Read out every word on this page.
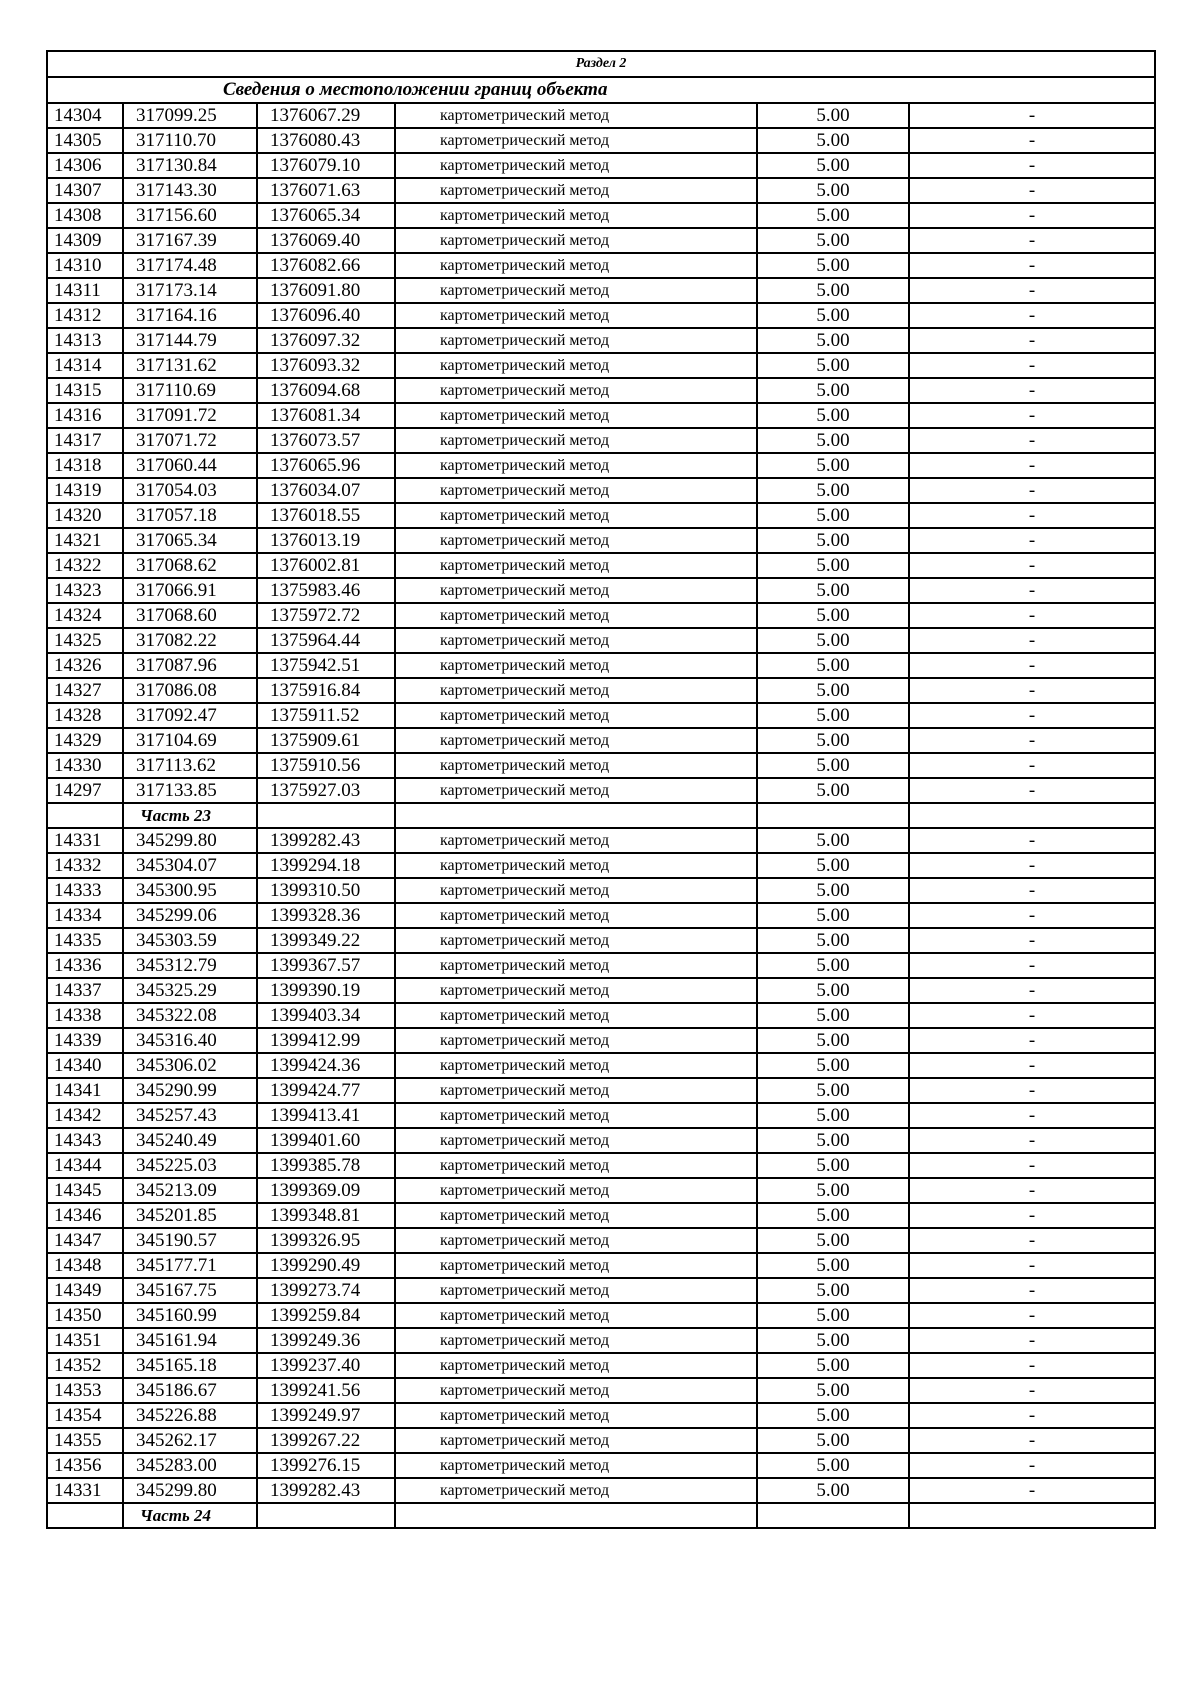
Раздел 2					
Сведения о местоположении границ объекта					
14304	317099.25	1376067.29	картометрический метод	5.00	-
14305	317110.70	1376080.43	картометрический метод	5.00	-
14306	317130.84	1376079.10	картометрический метод	5.00	-
14307	317143.30	1376071.63	картометрический метод	5.00	-
14308	317156.60	1376065.34	картометрический метод	5.00	-
14309	317167.39	1376069.40	картометрический метод	5.00	-
14310	317174.48	1376082.66	картометрический метод	5.00	-
14311	317173.14	1376091.80	картометрический метод	5.00	-
14312	317164.16	1376096.40	картометрический метод	5.00	-
14313	317144.79	1376097.32	картометрический метод	5.00	-
14314	317131.62	1376093.32	картометрический метод	5.00	-
14315	317110.69	1376094.68	картометрический метод	5.00	-
14316	317091.72	1376081.34	картометрический метод	5.00	-
14317	317071.72	1376073.57	картометрический метод	5.00	-
14318	317060.44	1376065.96	картометрический метод	5.00	-
14319	317054.03	1376034.07	картометрический метод	5.00	-
14320	317057.18	1376018.55	картометрический метод	5.00	-
14321	317065.34	1376013.19	картометрический метод	5.00	-
14322	317068.62	1376002.81	картометрический метод	5.00	-
14323	317066.91	1375983.46	картометрический метод	5.00	-
14324	317068.60	1375972.72	картометрический метод	5.00	-
14325	317082.22	1375964.44	картометрический метод	5.00	-
14326	317087.96	1375942.51	картометрический метод	5.00	-
14327	317086.08	1375916.84	картометрический метод	5.00	-
14328	317092.47	1375911.52	картометрический метод	5.00	-
14329	317104.69	1375909.61	картометрический метод	5.00	-
14330	317113.62	1375910.56	картометрический метод	5.00	-
14297	317133.85	1375927.03	картометрический метод	5.00	-
	Часть 23				
14331	345299.80	1399282.43	картометрический метод	5.00	-
14332	345304.07	1399294.18	картометрический метод	5.00	-
14333	345300.95	1399310.50	картометрический метод	5.00	-
14334	345299.06	1399328.36	картометрический метод	5.00	-
14335	345303.59	1399349.22	картометрический метод	5.00	-
14336	345312.79	1399367.57	картометрический метод	5.00	-
14337	345325.29	1399390.19	картометрический метод	5.00	-
14338	345322.08	1399403.34	картометрический метод	5.00	-
14339	345316.40	1399412.99	картометрический метод	5.00	-
14340	345306.02	1399424.36	картометрический метод	5.00	-
14341	345290.99	1399424.77	картометрический метод	5.00	-
14342	345257.43	1399413.41	картометрический метод	5.00	-
14343	345240.49	1399401.60	картометрический метод	5.00	-
14344	345225.03	1399385.78	картометрический метод	5.00	-
14345	345213.09	1399369.09	картометрический метод	5.00	-
14346	345201.85	1399348.81	картометрический метод	5.00	-
14347	345190.57	1399326.95	картометрический метод	5.00	-
14348	345177.71	1399290.49	картометрический метод	5.00	-
14349	345167.75	1399273.74	картометрический метод	5.00	-
14350	345160.99	1399259.84	картометрический метод	5.00	-
14351	345161.94	1399249.36	картометрический метод	5.00	-
14352	345165.18	1399237.40	картометрический метод	5.00	-
14353	345186.67	1399241.56	картометрический метод	5.00	-
14354	345226.88	1399249.97	картометрический метод	5.00	-
14355	345262.17	1399267.22	картометрический метод	5.00	-
14356	345283.00	1399276.15	картометрический метод	5.00	-
14331	345299.80	1399282.43	картометрический метод	5.00	-
	Часть 24				
